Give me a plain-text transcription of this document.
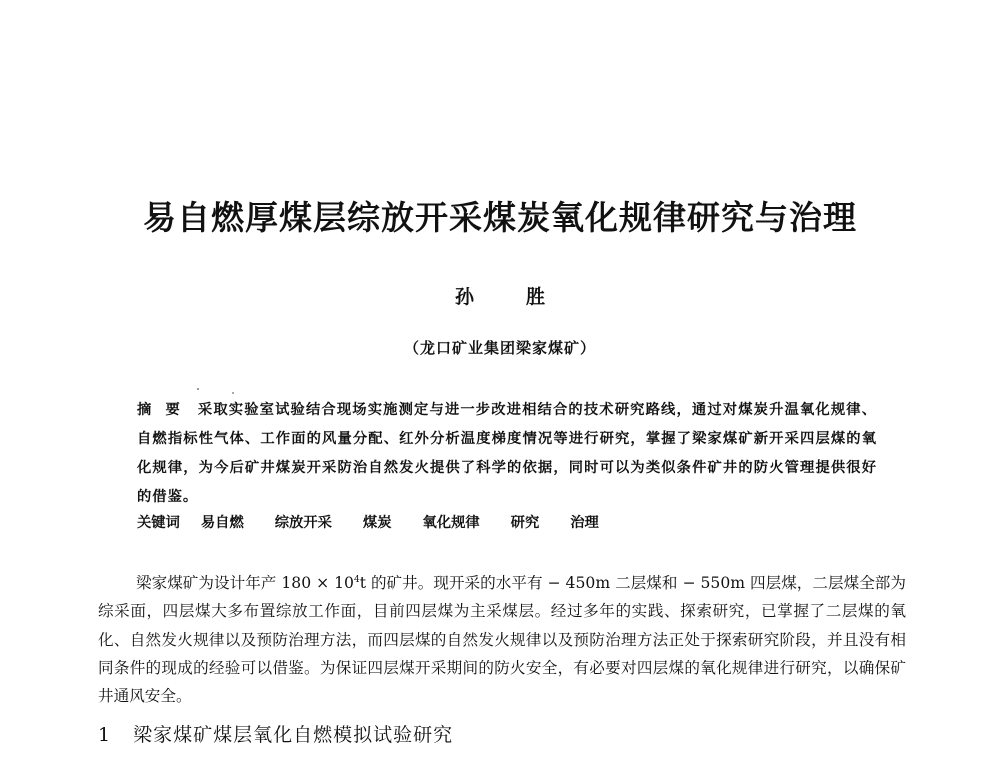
易自燃厚煤层综放开采煤炭氧化规律研究与治理
孙胜
（龙口矿业集团梁家煤矿）
摘要 采取实验室试验结合现场实施测定与进一步改进相结合的技术研究路线，通过对煤炭升温氧化规律、自燃指标性气体、工作面的风量分配、红外分析温度梯度情况等进行研究，掌握了梁家煤矿新开采四层煤的氧化规律，为今后矿井煤炭开采防治自然发火提供了科学的依据，同时可以为类似条件矿井的防火管理提供很好的借鉴。
关键词 易自燃 综放开采 煤炭 氧化规律 研究 治理
梁家煤矿为设计年产 $180 \times 10^4t$ 的矿井。现开采的水平有 − 450m 二层煤和 − 550m 四层煤，二层煤全部为综采面，四层煤大多布置综放工作面，目前四层煤为主采煤层。经过多年的实践、探索研究，已掌握了二层煤的氧化、自然发火规律以及预防治理方法，而四层煤的自然发火规律以及预防治理方法正处于探索研究阶段，并且没有相同条件的现成的经验可以借鉴。为保证四层煤开采期间的防火安全，有必要对四层煤的氧化规律进行研究，以确保矿井通风安全。
1 梁家煤矿煤层氧化自燃模拟试验研究
